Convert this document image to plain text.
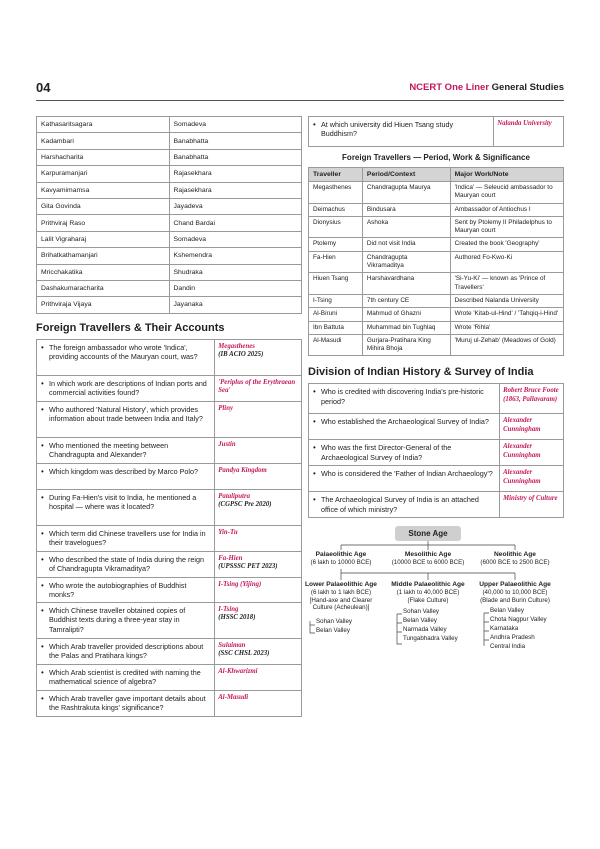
04	NCERT One Liner General Studies
Kathasaritsagara	Somadeva
Kadambari	Banabhatta
Harshacharita	Banabhatta
Karpuramanjari	Rajasekhara
Kavyamimamsa	Rajasekhara
Gita Govinda	Jayadeva
Prithviraj Raso	Chand Bardai
Lalit Vigraharaj	Somadeva
Brihatkathamanjari	Kshemendra
Mricchakatika	Shudraka
Dashakumaracharita	Dandin
Prithviraja Vijaya	Jayanaka
Foreign Travellers & Their Accounts
• The foreign ambassador who wrote 'Indica', providing accounts of the Mauryan court, was?	Megasthenes
(IB ACIO 2025)

• In which work are descriptions of Indian ports and commercial activities found?	'Periplus of the Erythraean Sea'

• Who authored 'Natural History', which provides information about trade between India and Italy?	Pliny

• Who mentioned the meeting between Chandragupta and Alexander?	Justin

• Which kingdom was described by Marco Polo?	Pandya Kingdom

• During Fa-Hien's visit to India, he mentioned a hospital — where was it located?	Pataliputra
(CGPSC Pre 2020)

• Which term did Chinese travellers use for India in their travelogues?	Yin-Tu

• Who described the state of India during the reign of Chandragupta Vikramaditya?	Fa-Hien
(UPSSSC PET 2023)

• Who wrote the autobiographies of Buddhist monks?	I-Tsing (Yijing)

• Which Chinese traveller obtained copies of Buddhist texts during a three-year stay in Tamralipti?	I-Tsing
(HSSC 2018)

• Which Arab traveller provided descriptions about the Palas and Pratihara kings?	Sulaiman
(SSC CHSL 2023)

• Which Arab scientist is credited with naming the mathematical science of algebra?	Al-Khwarizmi

• Which Arab traveller gave important details about the Rashtrakuta kings' significance?	Al-Masudi
• At which university did Hiuen Tsang study Buddhism?	Nalanda University
Foreign Travellers — Period, Work & Significance
Traveller	Period/Context	Major Work/Note
Megasthenes	Chandragupta Maurya	'Indica' — Seleucid ambassador to Mauryan court
Deimachus	Bindusara	Ambassador of Antiochus I
Dionysius	Ashoka	Sent by Ptolemy II Philadelphus to Mauryan court
Ptolemy	Did not visit India	Created the book 'Geography'
Fa-Hien	Chandragupta Vikramaditya	Authored Fo-Kwo-Ki
Hiuen Tsang	Harshavardhana	'Si-Yu-Ki' — known as 'Prince of Travellers'
I-Tsing	7th century CE	Described Nalanda University
Al-Biruni	Mahmud of Ghazni	Wrote 'Kitab-ul-Hind' / 'Tahqiq-i-Hind'
Ibn Battuta	Muhammad bin Tughlaq	Wrote 'Rihla'
Al-Masudi	Gurjara-Pratihara King Mihira Bhoja	'Muruj ul-Zehab' (Meadows of Gold)
Division of Indian History & Survey of India
• Who is credited with discovering India's pre-historic period?	Robert Bruce Foote (1863, Pallavaram)
• Who established the Archaeological Survey of India?	Alexander Cunningham
• Who was the first Director-General of the Archaeological Survey of India?	Alexander Cunningham
• Who is considered the 'Father of Indian Archaeology'?	Alexander Cunningham
• The Archaeological Survey of India is an attached office of which ministry?	Ministry of Culture
Stone Age
Palaeolithic Age
(6 lakh to 10000 BCE)
Mesolithic Age
(10000 BCE to 6000 BCE)
Neolithic Age
(6000 BCE to 2500 BCE)
Lower Palaeolithic Age
(6 lakh to 1 lakh BCE)
[Hand-axe and Clearer
Culture (Acheulean)]
Sohan Valley
Belan Valley
Middle Palaeolithic Age
(1 lakh to 40,000 BCE)
(Flake Culture)
Sohan Valley
Belan Valley
Narmada Valley
Tungabhadra Valley
Upper Palaeolithic Age
(40,000 to 10,000 BCE)
(Blade and Burin Culture)
Belan Valley
Chota Nagpur Valley
Karnataka
Andhra Pradesh
Central India
